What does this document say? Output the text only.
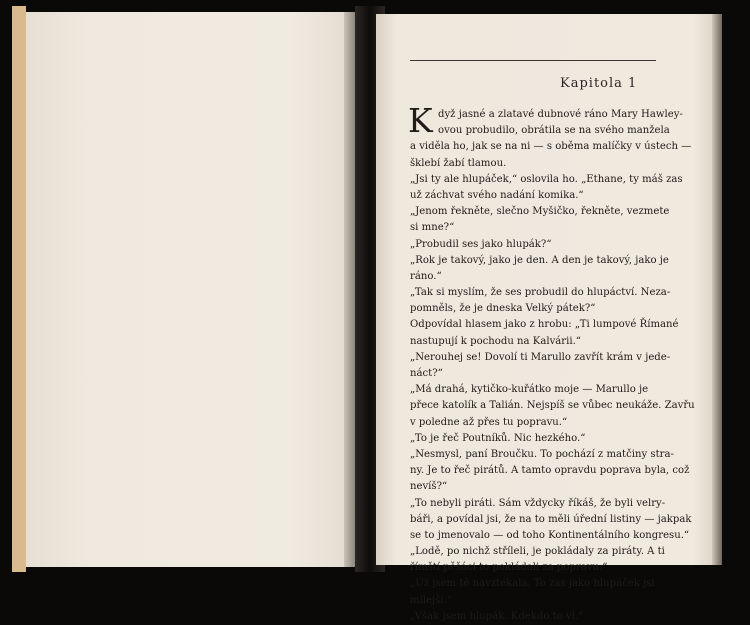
Kapitola 1
K dyž jasné a zlatavé dubnové ráno Mary Hawley-
ovou probudilo, obrátila se na svého manžela
a viděla ho, jak se na ni — s oběma malíčky v ústech —
šklebí žabí tlamou.
„Jsi ty ale hlupáček,“ oslovila ho. „Ethane, ty máš zas
už záchvat svého nadání komika.“
„Jenom řekněte, slečno Myšičko, řekněte, vezmete
si mne?“
„Probudil ses jako hlupák?“
„Rok je takový, jako je den. A den je takový, jako je
ráno.“
„Tak si myslím, že ses probudil do hlupáctví. Neza-
pomněls, že je dneska Velký pátek?“
Odpovídal hlasem jako z hrobu: „Ti lumpové Římané
nastupují k pochodu na Kalvárii.“
„Nerouhej se! Dovolí ti Marullo zavřít krám v jede-
náct?“
„Má drahá, kytičko-kuřátko moje — Marullo je
přece katolík a Talián. Nejspíš se vůbec neukáže. Zavřu
v poledne až přes tu popravu.“
„To je řeč Poutníků. Nic hezkého.“
„Nesmysl, paní Broučku. To pochází z matčiny stra-
ny. Je to řeč pirátů. A tamto opravdu poprava byla, což
nevíš?“
„To nebyli piráti. Sám vždycky říkáš, že byli velry-
báři, a povídal jsi, že na to měli úřední listiny — jakpak
se to jmenovalo — od toho Kontinentálního kongresu.“
„Lodě, po nichž stříleli, je pokládaly za piráty. A ti
římští pěšáci to pokládali za popravu.“
„Už jsem tě navztekala. To zas jako hlupáček jsi
milejší.“
„Však jsem hlupák. Kdekdo to ví.“
